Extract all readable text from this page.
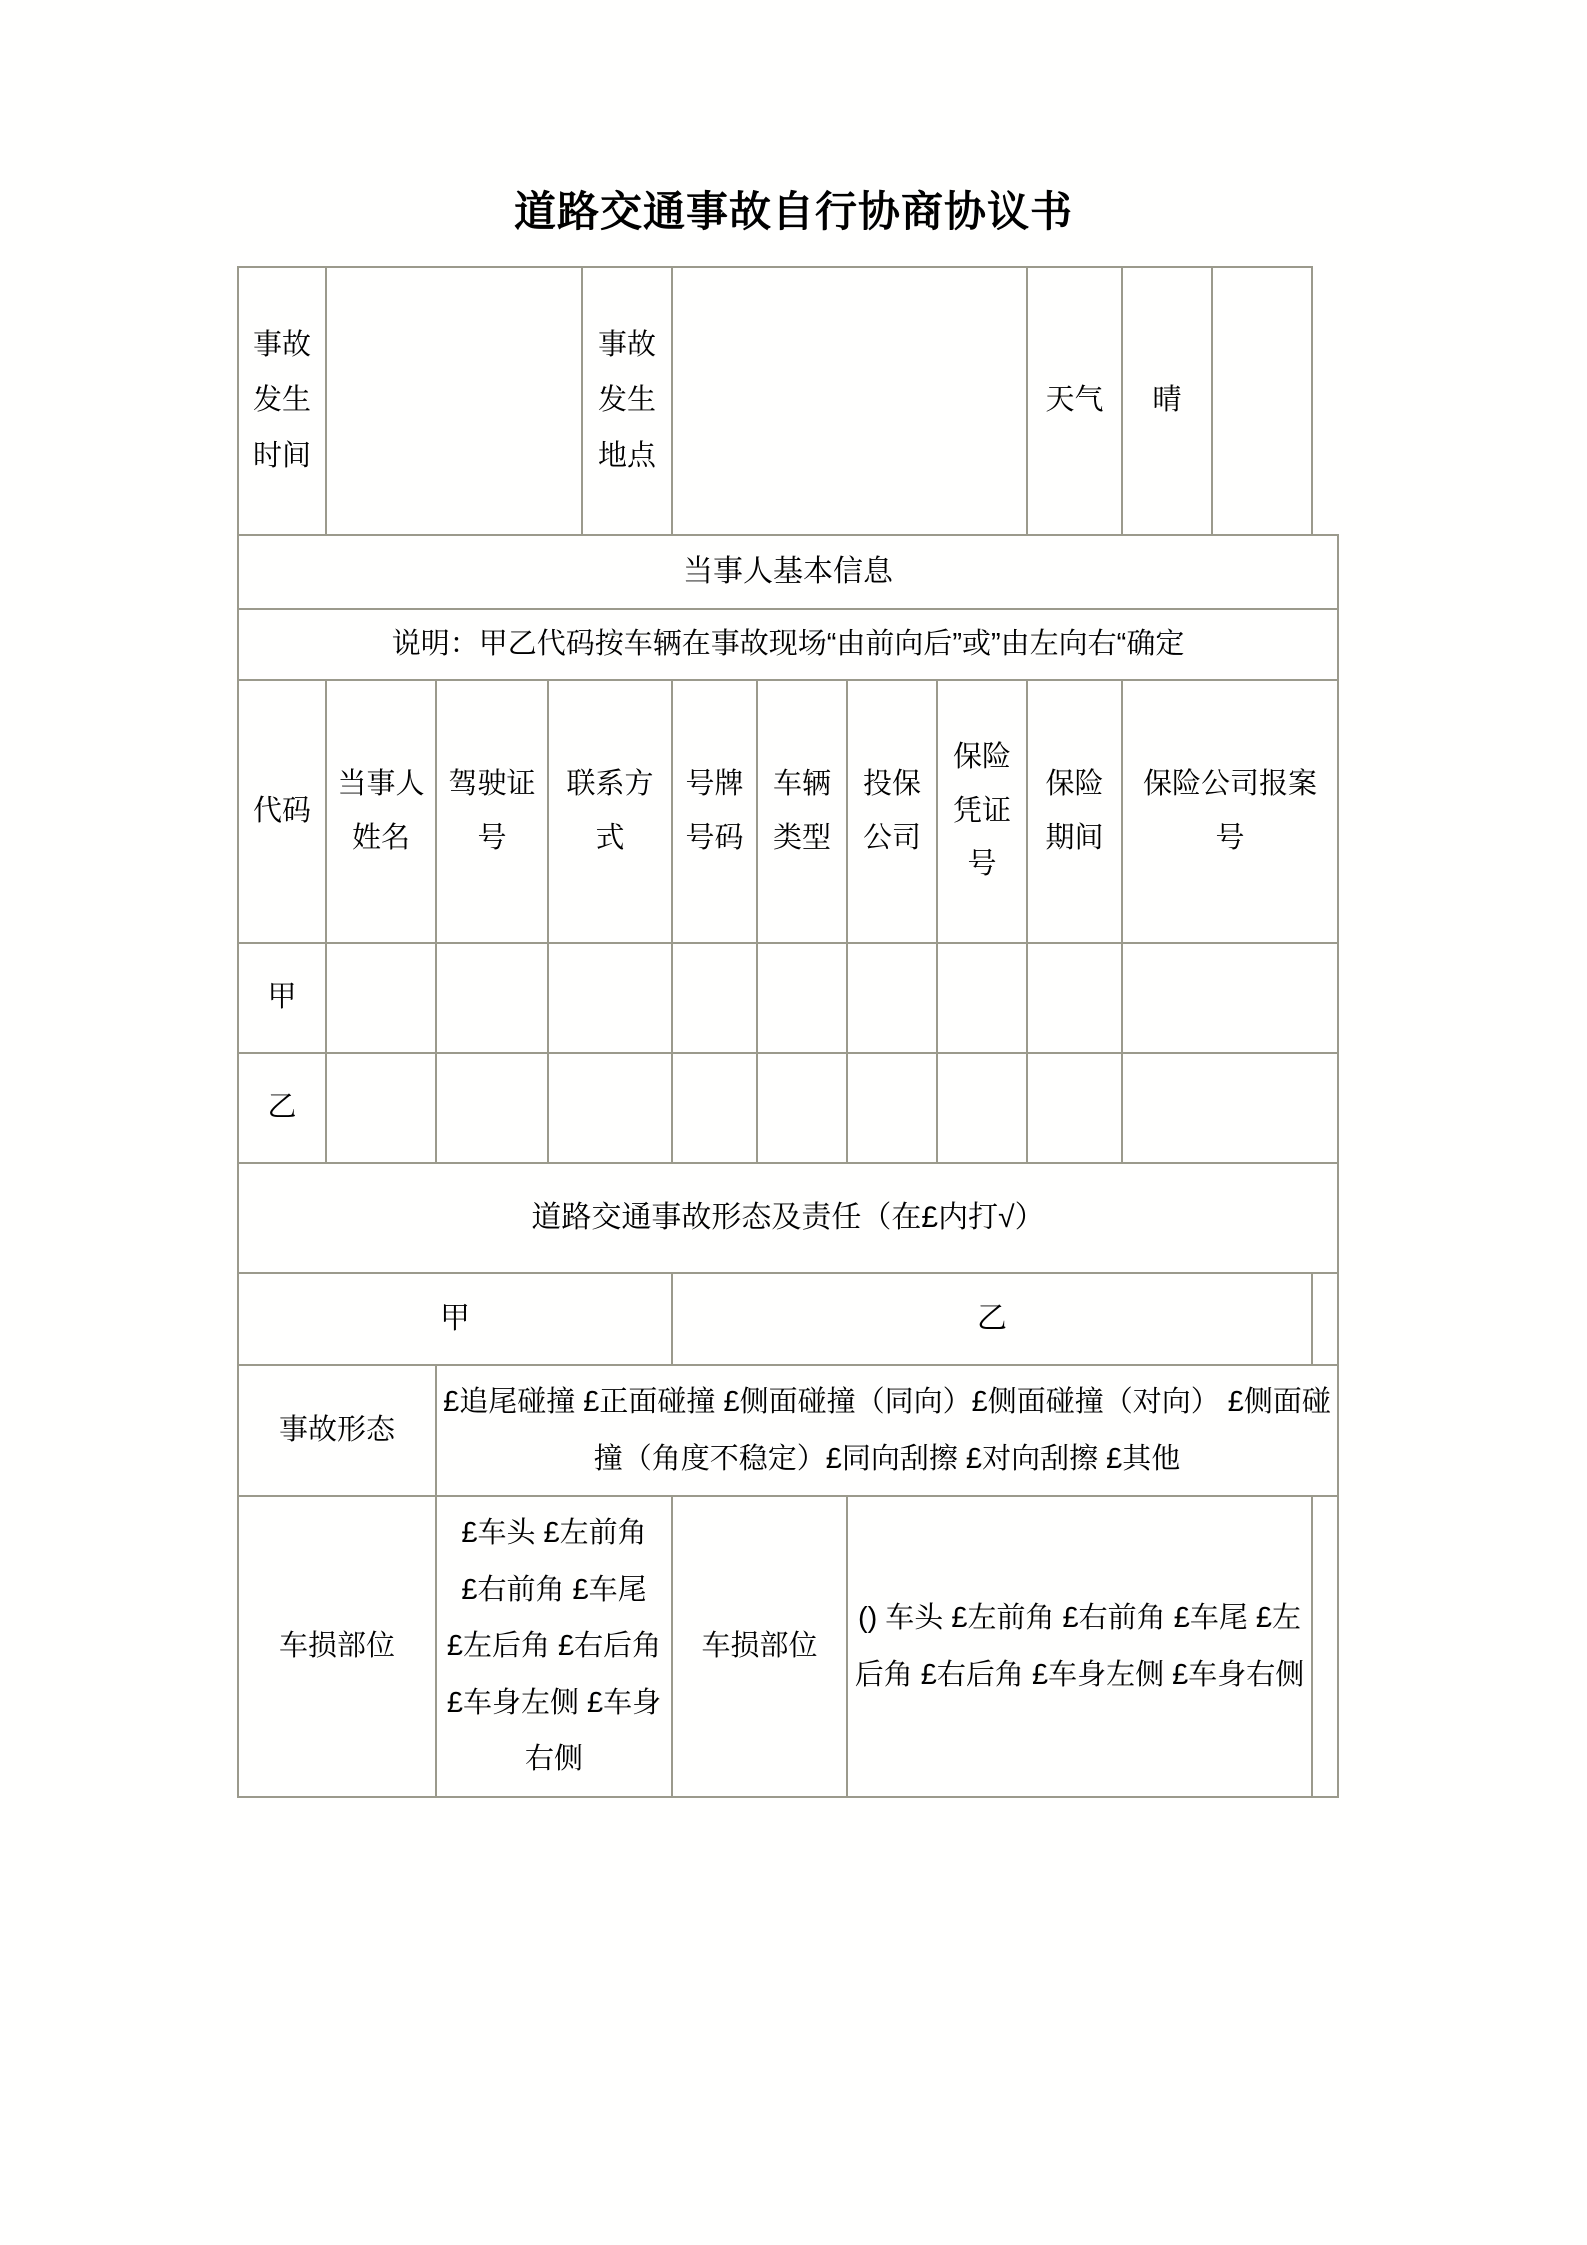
道路交通事故自行协商协议书
事故发生时间				事故发生地点					天气	晴		
当事人基本信息												
说明：甲乙代码按车辆在事故现场“由前向后”或”由左向右“确定												
代码	当事人姓名	驾驶证号	联系方式		号牌号码	车辆类型	投保公司	保险凭证号	保险期间	保险公司报案号		
甲												
乙												
道路交通事故形态及责任（在£内打√）												
甲					乙							
事故形态		£追尾碰撞 £正面碰撞 £侧面碰撞（同向）£侧面碰撞（对向） £侧面碰撞（角度不稳定）£同向刮擦 £对向刮擦 £其他										
车损部位		£车头 £左前角 £右前角 £车尾 £左后角 £右后角 £车身左侧 £车身右侧			车损部位		() 车头 £左前角 £右前角 £车尾 £左后角 £右后角 £车身左侧 £车身右侧					
